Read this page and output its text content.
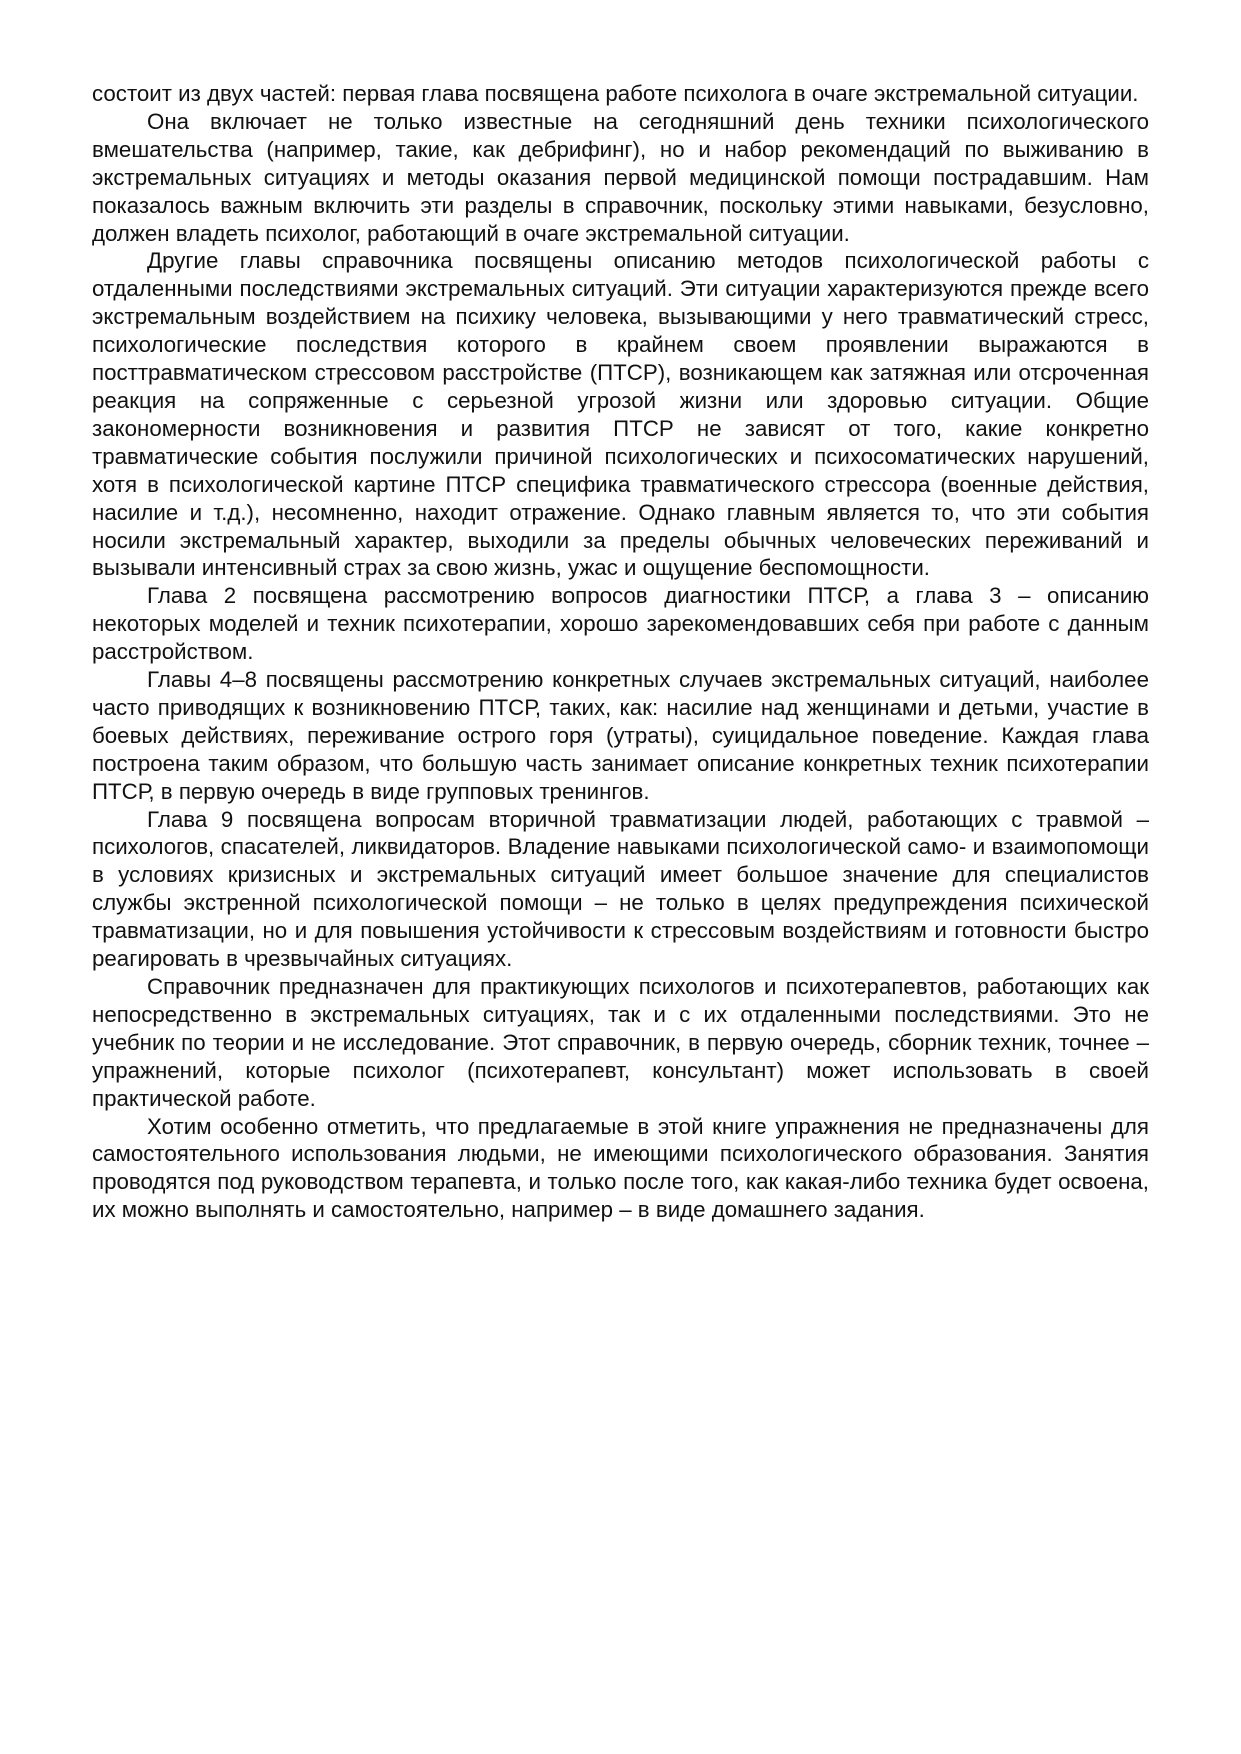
состоит из двух частей: первая глава посвящена работе психолога в очаге экстремальной ситуации.

Она включает не только известные на сегодняшний день техники психологического вмешательства (например, такие, как дебрифинг), но и набор рекомендаций по выживанию в экстремальных ситуациях и методы оказания первой медицинской помощи пострадавшим. Нам показалось важным включить эти разделы в справочник, поскольку этими навыками, безусловно, должен владеть психолог, работающий в очаге экстремальной ситуации.

Другие главы справочника посвящены описанию методов психологической работы с отдаленными последствиями экстремальных ситуаций. Эти ситуации характеризуются прежде всего экстремальным воздействием на психику человека, вызывающими у него травматический стресс, психологические последствия которого в крайнем своем проявлении выражаются в посттравматическом стрессовом расстройстве (ПТСР), возникающем как затяжная или отсроченная реакция на сопряженные с серьезной угрозой жизни или здоровью ситуации. Общие закономерности возникновения и развития ПТСР не зависят от того, какие конкретно травматические события послужили причиной психологических и психосоматических нарушений, хотя в психологической картине ПТСР специфика травматического стрессора (военные действия, насилие и т.д.), несомненно, находит отражение. Однако главным является то, что эти события носили экстремальный характер, выходили за пределы обычных человеческих переживаний и вызывали интенсивный страх за свою жизнь, ужас и ощущение беспомощности.

Глава 2 посвящена рассмотрению вопросов диагностики ПТСР, а глава 3 – описанию некоторых моделей и техник психотерапии, хорошо зарекомендовавших себя при работе с данным расстройством.

Главы 4–8 посвящены рассмотрению конкретных случаев экстремальных ситуаций, наиболее часто приводящих к возникновению ПТСР, таких, как: насилие над женщинами и детьми, участие в боевых действиях, переживание острого горя (утраты), суицидальное поведение. Каждая глава построена таким образом, что большую часть занимает описание конкретных техник психотерапии ПТСР, в первую очередь в виде групповых тренингов.

Глава 9 посвящена вопросам вторичной травматизации людей, работающих с травмой – психологов, спасателей, ликвидаторов. Владение навыками психологической само- и взаимопомощи в условиях кризисных и экстремальных ситуаций имеет большое значение для специалистов службы экстренной психологической помощи – не только в целях предупреждения психической травматизации, но и для повышения устойчивости к стрессовым воздействиям и готовности быстро реагировать в чрезвычайных ситуациях.

Справочник предназначен для практикующих психологов и психотерапевтов, работающих как непосредственно в экстремальных ситуациях, так и с их отдаленными последствиями. Это не учебник по теории и не исследование. Этот справочник, в первую очередь, сборник техник, точнее – упражнений, которые психолог (психотерапевт, консультант) может использовать в своей практической работе.

Хотим особенно отметить, что предлагаемые в этой книге упражнения не предназначены для самостоятельного использования людьми, не имеющими психологического образования. Занятия проводятся под руководством терапевта, и только после того, как какая-либо техника будет освоена, их можно выполнять и самостоятельно, например – в виде домашнего задания.
